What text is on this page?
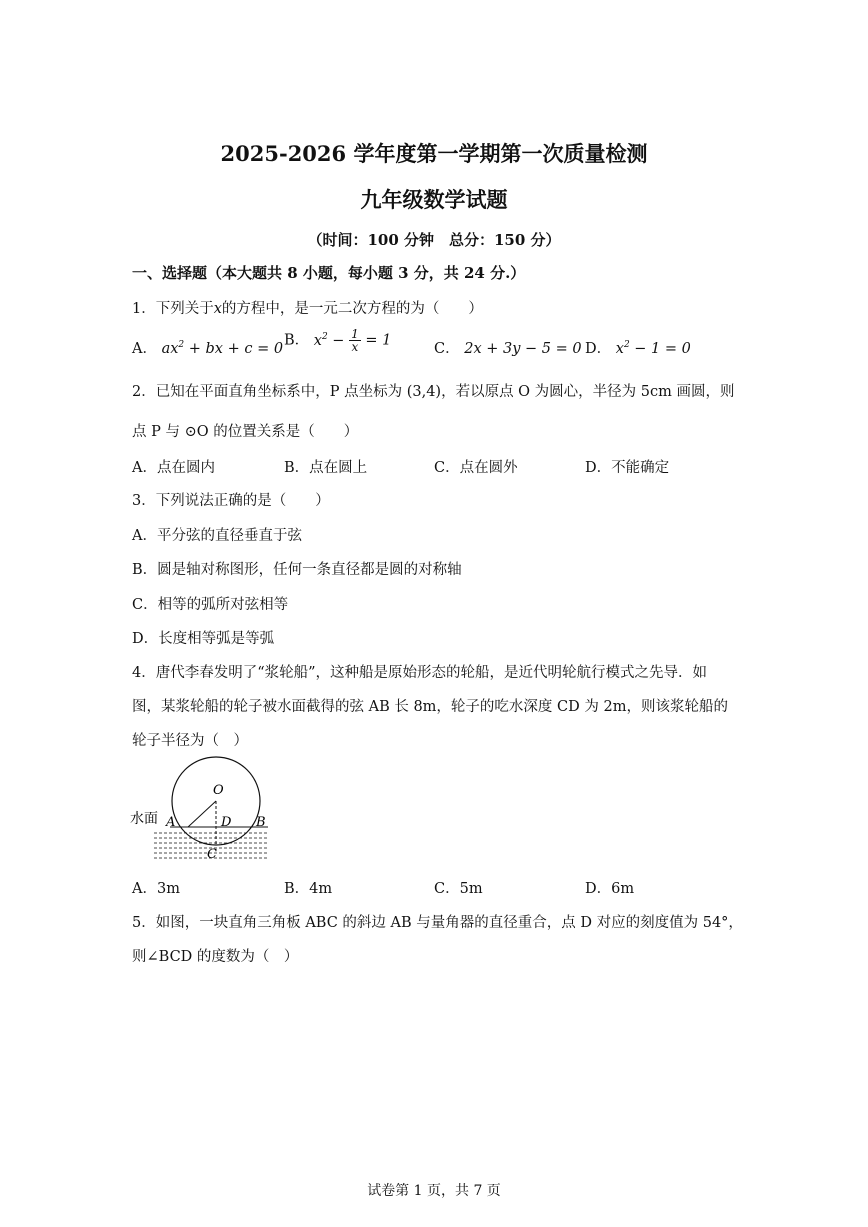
2025-2026 学年度第一学期第一次质量检测
九年级数学试题
（时间：100 分钟　总分：150 分）
一、选择题（本大题共 8 小题，每小题 3 分，共 24 分.）
1．下列关于x的方程中，是一元二次方程的为（　　）
A． $ax^2$ + bx + c = 0
B． $x^2 - \frac{1}{x} = 1$
C． 2x + 3y − 5 = 0 D． $x^2 - 1 = 0$
2．已知在平面直角坐标系中，P 点坐标为 (3,4)，若以原点 O 为圆心，半径为 5cm 画圆，则
点 P 与 ⊙O 的位置关系是（　　）
A．点在圆内	B．点在圆上	C．点在圆外	D．不能确定
3．下列说法正确的是（　　）
A．平分弦的直径垂直于弦
B．圆是轴对称图形，任何一条直径都是圆的对称轴
C．相等的弧所对弦相等
D．长度相等弧是等弧
4．唐代李春发明了“浆轮船”，这种船是原始形态的轮船，是近代明轮航行模式之先导．如
图，某浆轮船的轮子被水面截得的弦 AB 长 8m，轮子的吃水深度 CD 为 2m，则该浆轮船的
轮子半径为（　）
水面
O
A	D B
C
A．3m	B．4m	C．5m	D．6m
5．如图，一块直角三角板 ABC 的斜边 AB 与量角器的直径重合，点 D 对应的刻度值为 54°，
则∠BCD 的度数为（　）
试卷第 1 页，共 7 页
